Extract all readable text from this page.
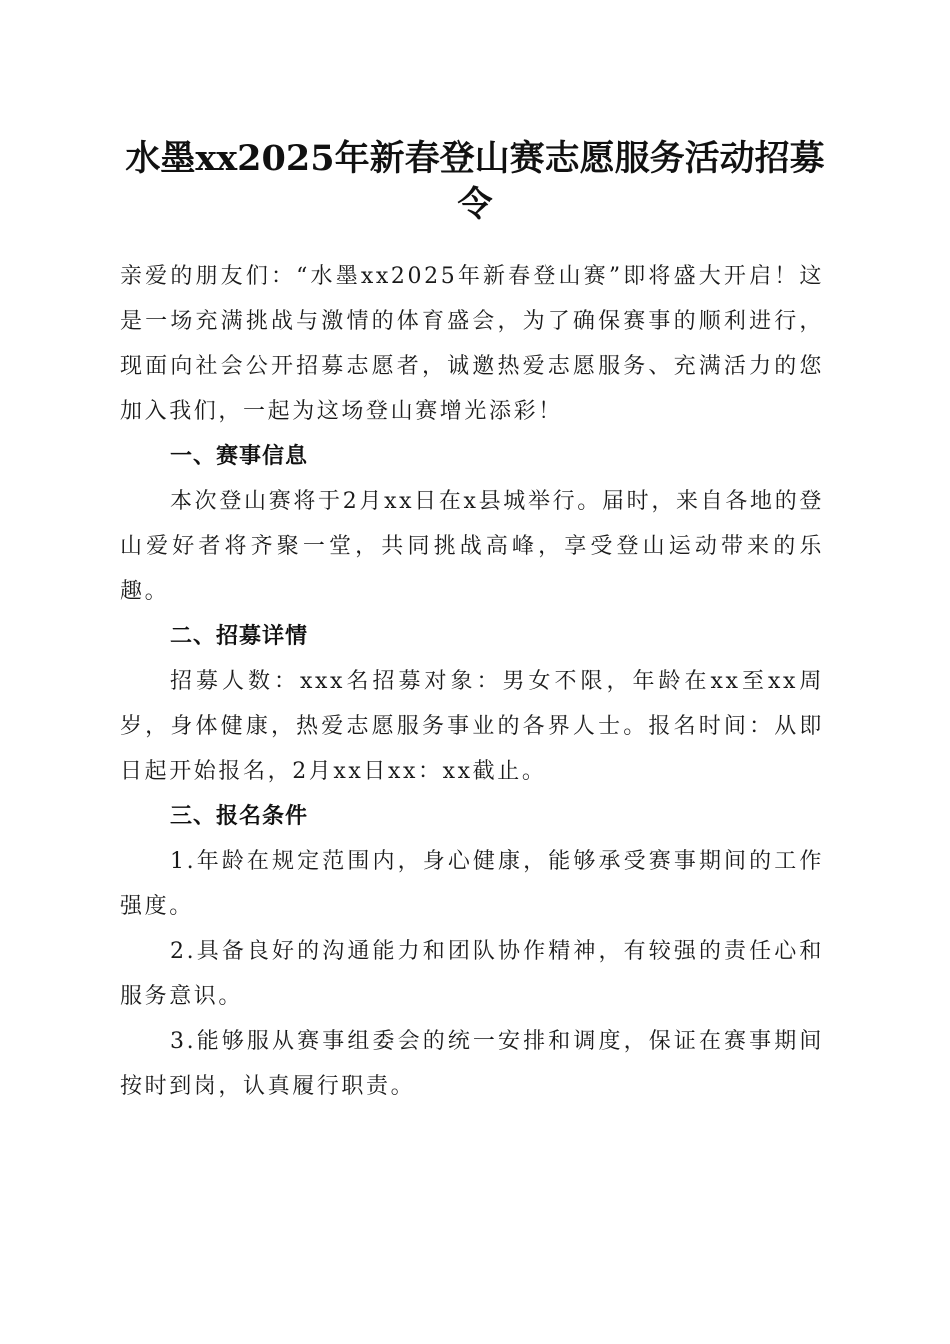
水墨xx2025年新春登山赛志愿服务活动招募令

亲爱的朋友们：“水墨xx2025年新春登山赛”即将盛大开启！这是一场充满挑战与激情的体育盛会，为了确保赛事的顺利进行，现面向社会公开招募志愿者，诚邀热爱志愿服务、充满活力的您加入我们，一起为这场登山赛增光添彩！

一、赛事信息

本次登山赛将于2月xx日在x县城举行。届时，来自各地的登山爱好者将齐聚一堂，共同挑战高峰，享受登山运动带来的乐趣。

二、招募详情

招募人数：xxx名招募对象：男女不限，年龄在xx至xx周岁，身体健康，热爱志愿服务事业的各界人士。报名时间：从即日起开始报名，2月xx日xx：xx截止。

三、报名条件

1.年龄在规定范围内，身心健康，能够承受赛事期间的工作强度。

2.具备良好的沟通能力和团队协作精神，有较强的责任心和服务意识。

3.能够服从赛事组委会的统一安排和调度，保证在赛事期间按时到岗，认真履行职责。
